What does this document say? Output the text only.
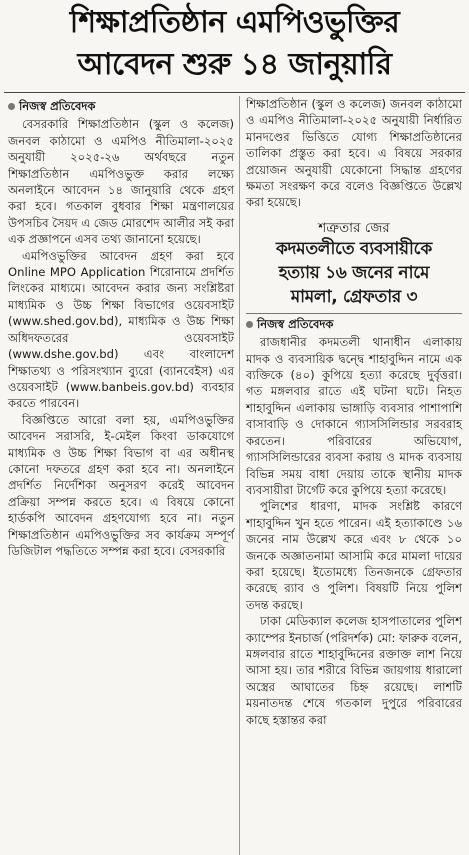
শিক্ষাপ্রতিষ্ঠান এমপিওভুক্তির
আবেদন শুরু ১৪ জানুয়ারি
নিজস্ব প্রতিবেদক

বেসরকারি শিক্ষাপ্রতিষ্ঠান (স্কুল ও কলেজ) জনবল কাঠামো ও এমপিও নীতিমালা-২০২৫ অনুযায়ী ২০২৫-২৬ অর্থবছরে নতুন শিক্ষাপ্রতিষ্ঠান এমপিওভুক্ত করার লক্ষ্যে অনলাইনে আবেদন ১৪ জানুয়ারি থেকে গ্রহণ করা হবে। গতকাল বুধবার শিক্ষা মন্ত্রণালয়ের উপসচিব সৈয়দ এ জেড মোরশেদ আলীর সই করা এক প্রজ্ঞাপনে এসব তথ্য জানানো হয়েছে।

এমপিওভুক্তির আবেদন গ্রহণ করা হবে Online MPO Application শিরোনামে প্রদর্শিত লিংকের মাধ্যমে। আবেদন করার জন্য সংশ্লিষ্টরা মাধ্যমিক ও উচ্চ শিক্ষা বিভাগের ওয়েবসাইট (www.shed.gov.bd), মাধ্যমিক ও উচ্চ শিক্ষা অধিদফতরের ওয়েবসাইট (www.dshe.gov.bd) এবং বাংলাদেশ শিক্ষাতথ্য ও পরিসংখ্যান ব্যুরো (ব্যানবেইস) এর ওয়েবসাইট (www.banbeis.gov.bd) ব্যবহার করতে পারবেন।

বিজ্ঞপ্তিতে আরো বলা হয়, এমপিওভুক্তির আবেদন সরাসরি, ই-মেইল কিংবা ডাকযোগে মাধ্যমিক ও উচ্চ শিক্ষা বিভাগ বা এর অধীনস্থ কোনো দফতরে গ্রহণ করা হবে না। অনলাইনে প্রদর্শিত নির্দেশিকা অনুসরণ করেই আবেদন প্রক্রিয়া সম্পন্ন করতে হবে। এ বিষয়ে কোনো হার্ডকপি আবেদন গ্রহণযোগ্য হবে না। নতুন শিক্ষাপ্রতিষ্ঠান এমপিওভুক্তির সব কার্যক্রম সম্পূর্ণ ডিজিটাল পদ্ধতিতে সম্পন্ন করা হবে। বেসরকারি

শিক্ষাপ্রতিষ্ঠান (স্কুল ও কলেজ) জনবল কাঠামো ও এমপিও নীতিমালা-২০২৫ অনুযায়ী নির্ধারিত মানদণ্ডের ভিত্তিতে যোগ্য শিক্ষাপ্রতিষ্ঠানের তালিকা প্রস্তুত করা হবে। এ বিষয়ে সরকার প্রয়োজন অনুযায়ী যেকোনো সিদ্ধান্ত গ্রহণের ক্ষমতা সংরক্ষণ করে বলেও বিজ্ঞপ্তিতে উল্লেখ করা হয়েছে।

শত্রুতার জের
কদমতলীতে ব্যবসায়ীকে
হত্যায় ১৬ জনের নামে
মামলা, গ্রেফতার ৩
নিজস্ব প্রতিবেদক

রাজধানীর কদমতলী থানাধীন এলাকায় মাদক ও ব্যবসায়িক দ্বন্দ্বে শাহাবুদ্দিন নামে এক ব্যক্তিকে (৪০) কুপিয়ে হত্যা করেছে দুর্বৃত্তরা। গত মঙ্গলবার রাতে এই ঘটনা ঘটে। নিহত শাহাবুদ্দিন এলাকায় ভাঙ্গাড়ি ব্যবসার পাশাপাশি বাসাবাড়ি ও দোকানে গ্যাসসিলিন্ডার সরবরাহ করতেন। পরিবারের অভিযোগ, গ্যাসসিলিন্ডারের ব্যবসা করায় ও মাদক ব্যবসায় বিভিন্ন সময় বাধা দেয়ায় তাকে স্থানীয় মাদক ব্যবসায়ীরা টার্গেট করে কুপিয়ে হত্যা করেছে।

পুলিশের ধারণা, মাদক সংশ্লিষ্ট কারণে শাহাবুদ্দিন খুন হতে পারেন। এই হত্যাকাণ্ডে ১৬ জনের নাম উল্লেখ করে এবং ৮ থেকে ১০ জনকে অজ্ঞাতনামা আসামি করে মামলা দায়ের করা হয়েছে। ইতোমধ্যে তিনজনকে গ্রেফতার করেছে র‌্যাব ও পুলিশ। বিষয়টি নিয়ে পুলিশ তদন্ত করছে।

ঢাকা মেডিক্যাল কলেজ হাসপাতালের পুলিশ ক্যাম্পের ইনচার্জ (পরিদর্শক) মো: ফারুক বলেন, মঙ্গলবার রাতে শাহাবুদ্দিনের রক্তাক্ত লাশ নিয়ে আসা হয়। তার শরীরে বিভিন্ন জায়গায় ধারালো অস্ত্রের আঘাতের চিহ্ন রয়েছে। লাশটি ময়নাতদন্ত শেষে গতকাল দুপুরে পরিবারের কাছে হস্তান্তর করা
